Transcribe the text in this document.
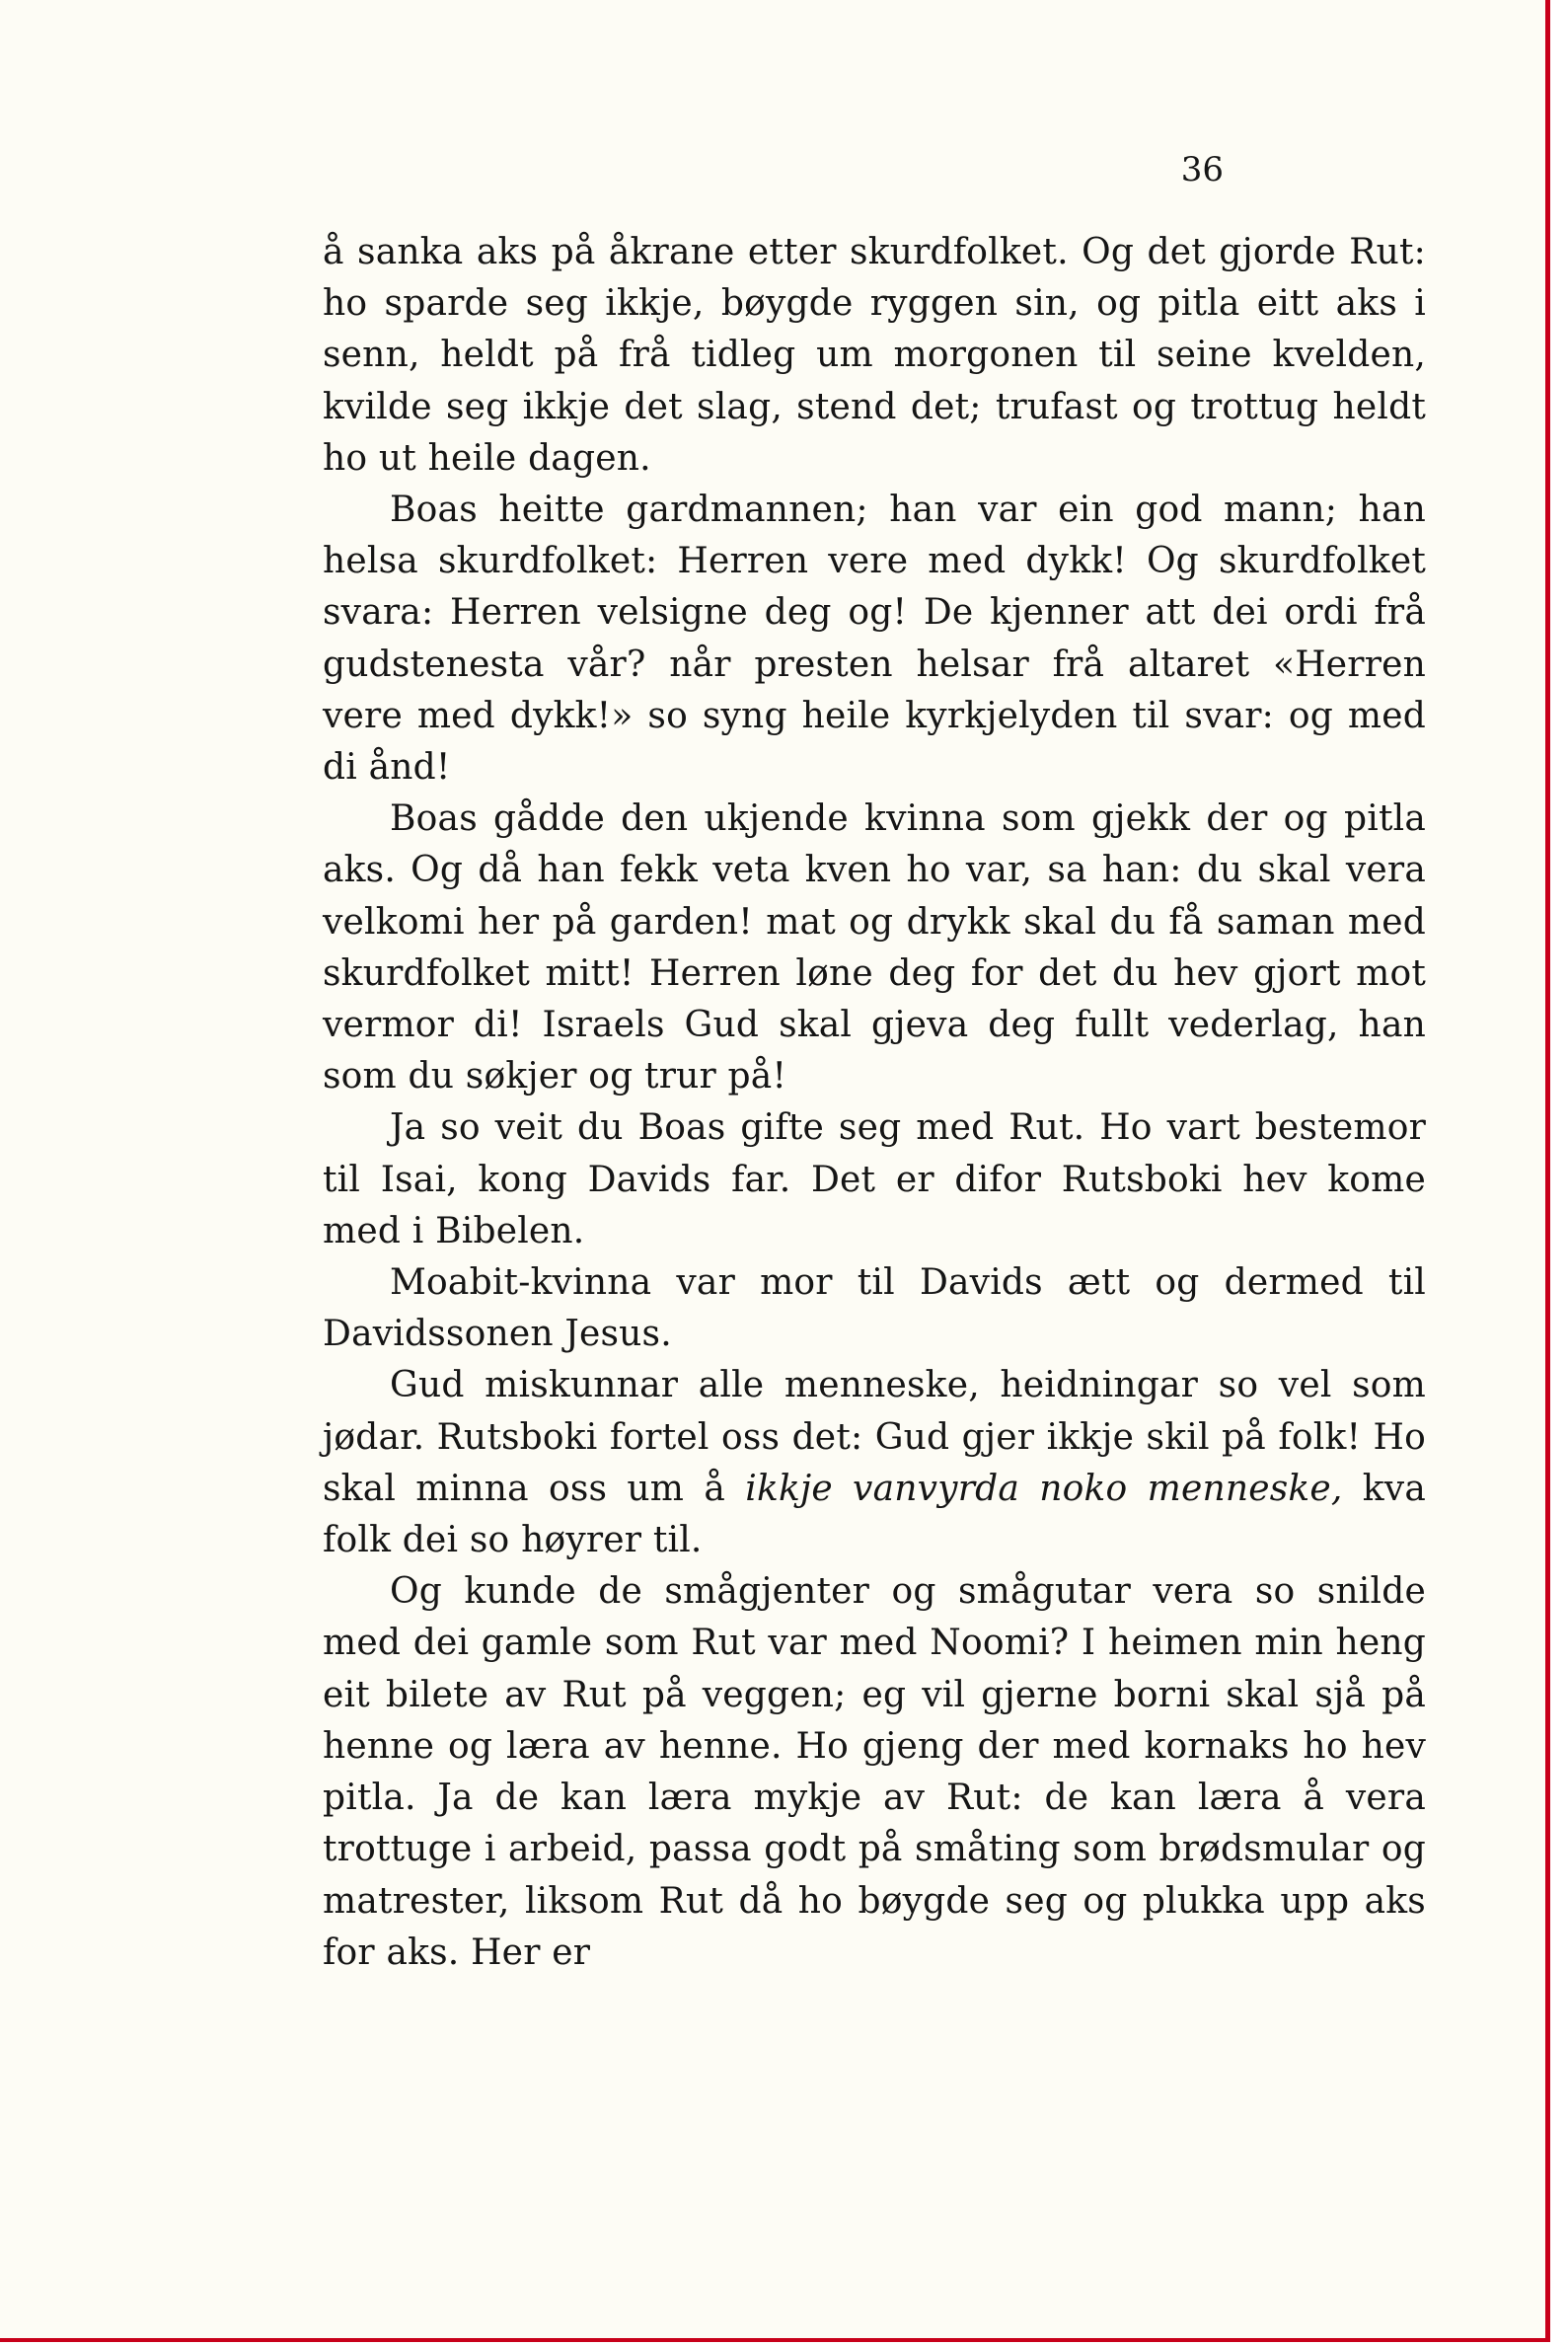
36

å sanka aks på åkrane etter skurdfolket. Og det gjorde Rut: ho sparde seg ikkje, bøygde ryggen sin, og pitla eitt aks i senn, heldt på frå tidleg um morgonen til seine kvelden, kvilde seg ikkje det slag, stend det; trufast og trottug heldt ho ut heile dagen.

Boas heitte gardmannen; han var ein god mann; han helsa skurdfolket: Herren vere med dykk! Og skurdfolket svara: Herren velsigne deg og! De kjenner att dei ordi frå gudstenesta vår? når presten helsar frå altaret «Herren vere med dykk!» so syng heile kyrkjelyden til svar: og med di ånd!

Boas gådde den ukjende kvinna som gjekk der og pitla aks. Og då han fekk veta kven ho var, sa han: du skal vera velkomi her på garden! mat og drykk skal du få saman med skurdfolket mitt! Herren løne deg for det du hev gjort mot vermor di! Israels Gud skal gjeva deg fullt vederlag, han som du søkjer og trur på!

Ja so veit du Boas gifte seg med Rut. Ho vart bestemor til Isai, kong Davids far. Det er difor Rutsboki hev kome med i Bibelen.

Moabit-kvinna var mor til Davids ætt og dermed til Davidssonen Jesus.

Gud miskunnar alle menneske, heidningar so vel som jødar. Rutsboki fortel oss det: Gud gjer ikkje skil på folk! Ho skal minna oss um å ikkje vanvyrda noko menneske, kva folk dei so høyrer til.

Og kunde de smågjenter og smågutar vera so snilde med dei gamle som Rut var med Noomi? I heimen min heng eit bilete av Rut på veggen; eg vil gjerne borni skal sjå på henne og læra av henne. Ho gjeng der med kornaks ho hev pitla. Ja de kan læra mykje av Rut: de kan læra å vera trottuge i arbeid, passa godt på småting som brødsmular og matrester, liksom Rut då ho bøygde seg og plukka upp aks for aks. Her er
